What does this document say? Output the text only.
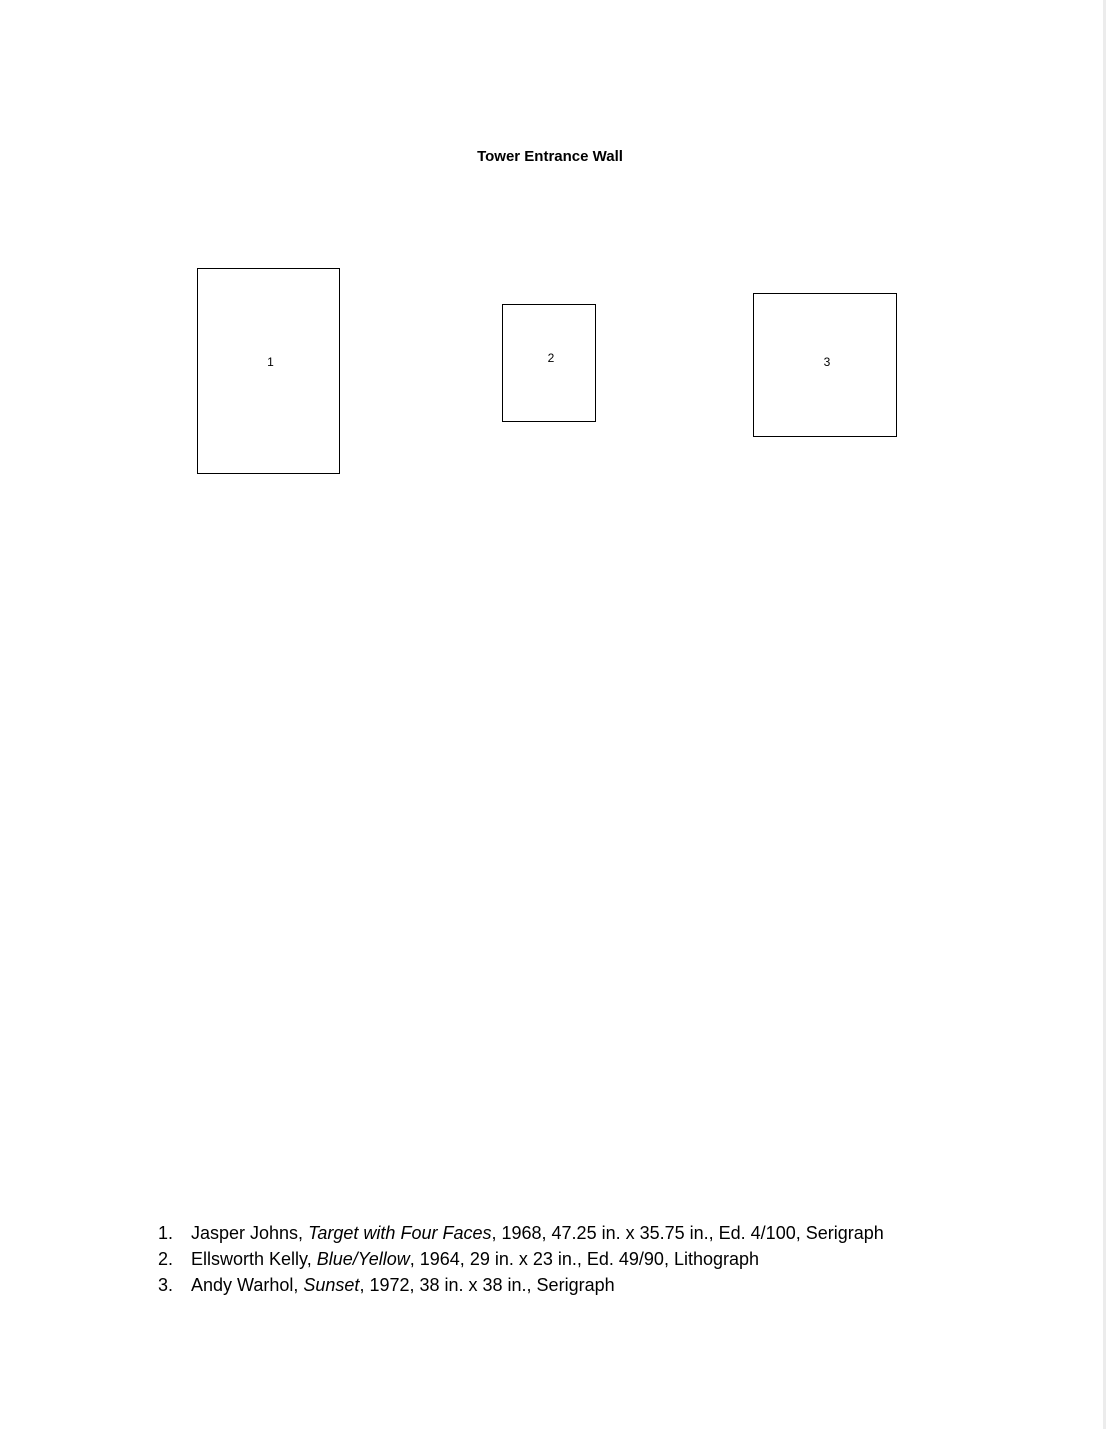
Tower Entrance Wall
1	2	3
1. Jasper Johns, Target with Four Faces, 1968, 47.25 in. x 35.75 in., Ed. 4/100, Serigraph
2. Ellsworth Kelly, Blue/Yellow, 1964, 29 in. x 23 in., Ed. 49/90, Lithograph
3. Andy Warhol, Sunset, 1972, 38 in. x 38 in., Serigraph
